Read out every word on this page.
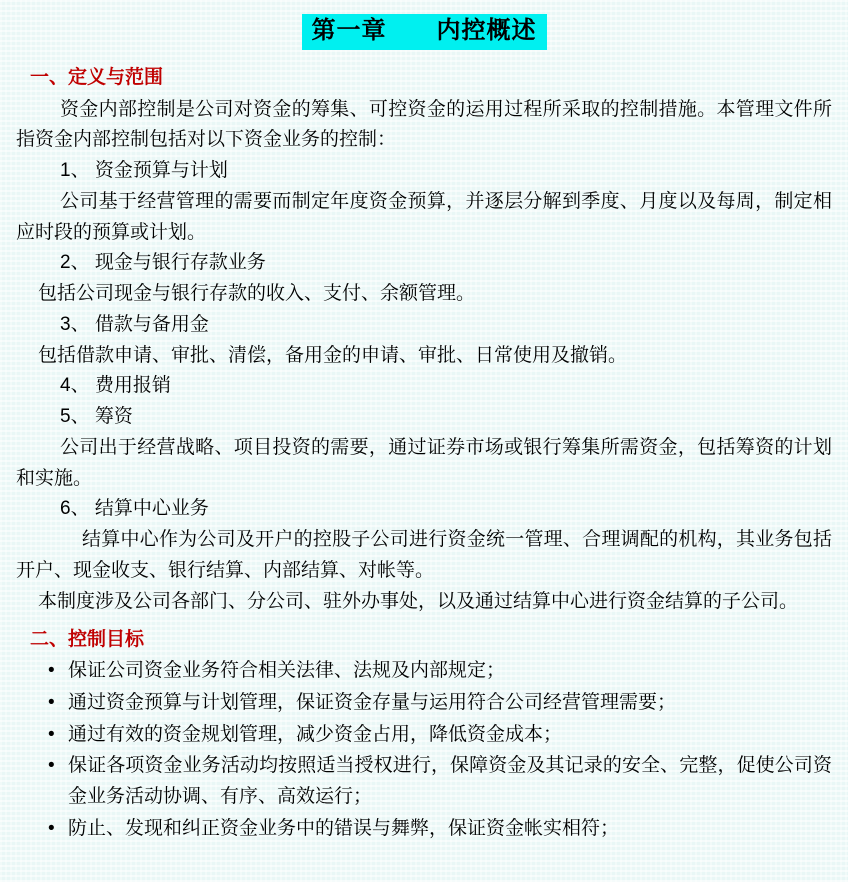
第一章　　内控概述
一、定义与范围

资金内部控制是公司对资金的筹集、可控资金的运用过程所采取的控制措施。本管理文件所指资金内部控制包括对以下资金业务的控制：

1、 资金预算与计划

公司基于经营管理的需要而制定年度资金预算，并逐层分解到季度、月度以及每周，制定相应时段的预算或计划。

2、 现金与银行存款业务

包括公司现金与银行存款的收入、支付、余额管理。

3、 借款与备用金

包括借款申请、审批、清偿，备用金的申请、审批、日常使用及撤销。

4、 费用报销

5、 筹资

公司出于经营战略、项目投资的需要，通过证券市场或银行筹集所需资金，包括筹资的计划和实施。

6、 结算中心业务

结算中心作为公司及开户的控股子公司进行资金统一管理、合理调配的机构，其业务包括开户、现金收支、银行结算、内部结算、对帐等。

本制度涉及公司各部门、分公司、驻外办事处，以及通过结算中心进行资金结算的子公司。

二、控制目标
• 保证公司资金业务符合相关法律、法规及内部规定；
• 通过资金预算与计划管理，保证资金存量与运用符合公司经营管理需要；
• 通过有效的资金规划管理，减少资金占用，降低资金成本；
• 保证各项资金业务活动均按照适当授权进行，保障资金及其记录的安全、完整，促使公司资金业务活动协调、有序、高效运行；
• 防止、发现和纠正资金业务中的错误与舞弊，保证资金帐实相符；
